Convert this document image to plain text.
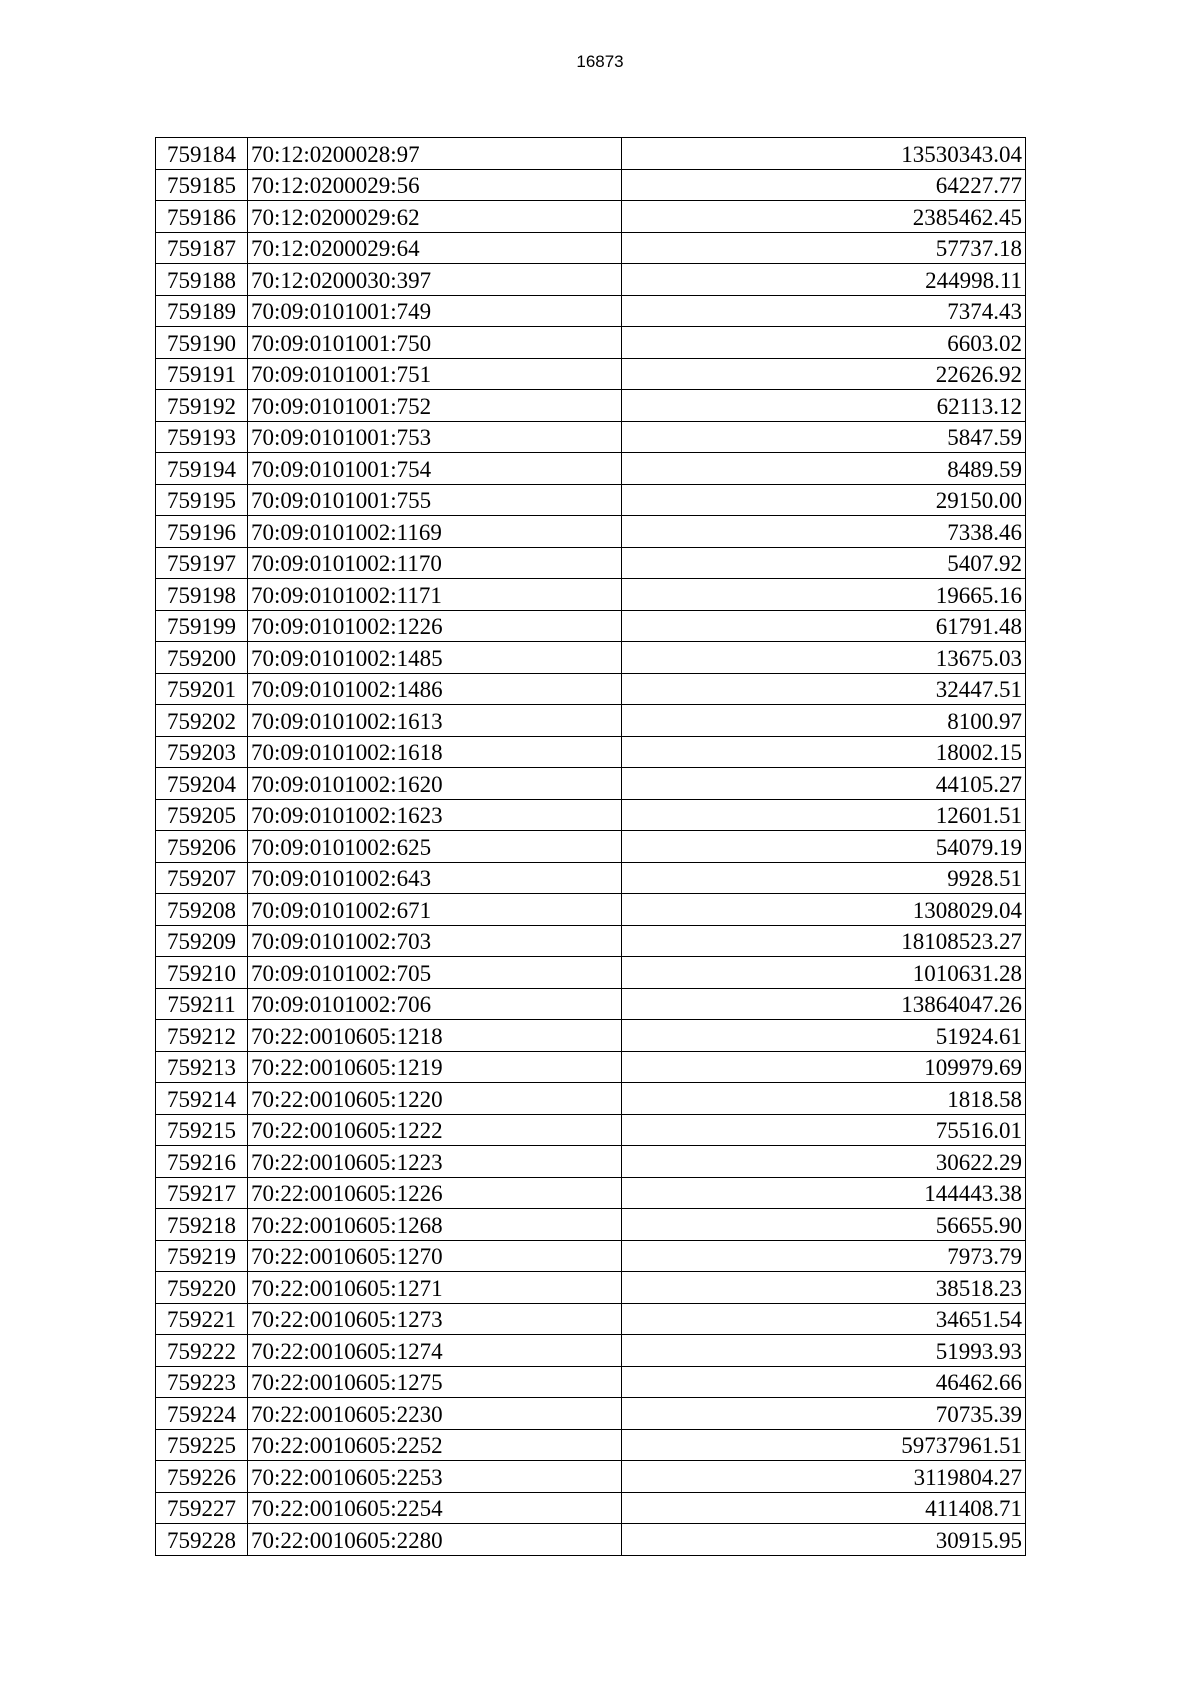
16873
759184	70:12:0200028:97	13530343.04
759185	70:12:0200029:56	64227.77
759186	70:12:0200029:62	2385462.45
759187	70:12:0200029:64	57737.18
759188	70:12:0200030:397	244998.11
759189	70:09:0101001:749	7374.43
759190	70:09:0101001:750	6603.02
759191	70:09:0101001:751	22626.92
759192	70:09:0101001:752	62113.12
759193	70:09:0101001:753	5847.59
759194	70:09:0101001:754	8489.59
759195	70:09:0101001:755	29150.00
759196	70:09:0101002:1169	7338.46
759197	70:09:0101002:1170	5407.92
759198	70:09:0101002:1171	19665.16
759199	70:09:0101002:1226	61791.48
759200	70:09:0101002:1485	13675.03
759201	70:09:0101002:1486	32447.51
759202	70:09:0101002:1613	8100.97
759203	70:09:0101002:1618	18002.15
759204	70:09:0101002:1620	44105.27
759205	70:09:0101002:1623	12601.51
759206	70:09:0101002:625	54079.19
759207	70:09:0101002:643	9928.51
759208	70:09:0101002:671	1308029.04
759209	70:09:0101002:703	18108523.27
759210	70:09:0101002:705	1010631.28
759211	70:09:0101002:706	13864047.26
759212	70:22:0010605:1218	51924.61
759213	70:22:0010605:1219	109979.69
759214	70:22:0010605:1220	1818.58
759215	70:22:0010605:1222	75516.01
759216	70:22:0010605:1223	30622.29
759217	70:22:0010605:1226	144443.38
759218	70:22:0010605:1268	56655.90
759219	70:22:0010605:1270	7973.79
759220	70:22:0010605:1271	38518.23
759221	70:22:0010605:1273	34651.54
759222	70:22:0010605:1274	51993.93
759223	70:22:0010605:1275	46462.66
759224	70:22:0010605:2230	70735.39
759225	70:22:0010605:2252	59737961.51
759226	70:22:0010605:2253	3119804.27
759227	70:22:0010605:2254	411408.71
759228	70:22:0010605:2280	30915.95
